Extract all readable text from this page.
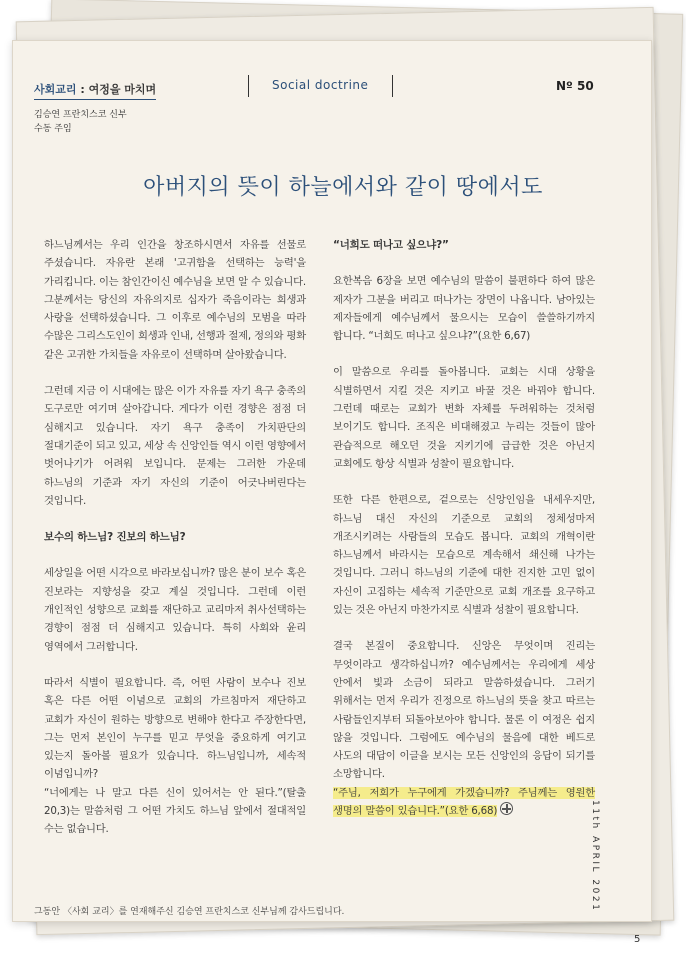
사회교리 : 여정을 마치며	Social doctrine	Nº 50
김승연 프란치스코 신부
수동 주임
아버지의 뜻이 하늘에서와 같이 땅에서도

하느님께서는 우리 인간을 창조하시면서 자유를 선물로 주셨습니다. 자유란 본래 '고귀함을 선택하는 능력'을 가리킵니다. 이는 참인간이신 예수님을 보면 알 수 있습니다. 그분께서는 당신의 자유의지로 십자가 죽음이라는 희생과 사랑을 선택하셨습니다. 그 이후로 예수님의 모범을 따라 수많은 그리스도인이 희생과 인내, 선행과 절제, 정의와 평화 같은 고귀한 가치들을 자유로이 선택하며 살아왔습니다.

그런데 지금 이 시대에는 많은 이가 자유를 자기 욕구 충족의 도구로만 여기며 살아갑니다. 게다가 이런 경향은 점점 더 심해지고 있습니다. 자기 욕구 충족이 가치판단의 절대기준이 되고 있고, 세상 속 신앙인들 역시 이런 영향에서 벗어나기가 어려워 보입니다. 문제는 그러한 가운데 하느님의 기준과 자기 자신의 기준이 어긋나버린다는 것입니다.

보수의 하느님? 진보의 하느님?

세상일을 어떤 시각으로 바라보십니까? 많은 분이 보수 혹은 진보라는 지향성을 갖고 계실 것입니다. 그런데 이런 개인적인 성향으로 교회를 재단하고 교리마저 취사선택하는 경향이 점점 더 심해지고 있습니다. 특히 사회와 윤리 영역에서 그러합니다.

따라서 식별이 필요합니다. 즉, 어떤 사람이 보수나 진보 혹은 다른 어떤 이념으로 교회의 가르침마저 재단하고 교회가 자신이 원하는 방향으로 변해야 한다고 주장한다면, 그는 먼저 본인이 누구를 믿고 무엇을 중요하게 여기고 있는지 돌아볼 필요가 있습니다. 하느님입니까, 세속적 이념입니까?

“너에게는 나 말고 다른 신이 있어서는 안 된다.”(탈출 20,3)는 말씀처럼 그 어떤 가치도 하느님 앞에서 절대적일 수는 없습니다.

“너희도 떠나고 싶으냐?”

요한복음 6장을 보면 예수님의 말씀이 불편하다 하여 많은 제자가 그분을 버리고 떠나가는 장면이 나옵니다. 남아있는 제자들에게 예수님께서 물으시는 모습이 쓸쓸하기까지 합니다. “너희도 떠나고 싶으냐?”(요한 6,67)

이 말씀으로 우리를 돌아봅니다. 교회는 시대 상황을 식별하면서 지킬 것은 지키고 바꿀 것은 바꿔야 합니다. 그런데 때로는 교회가 변화 자체를 두려워하는 것처럼 보이기도 합니다. 조직은 비대해졌고 누리는 것들이 많아 관습적으로 해오던 것을 지키기에 급급한 것은 아닌지 교회에도 항상 식별과 성찰이 필요합니다.

또한 다른 한편으로, 겉으로는 신앙인임을 내세우지만, 하느님 대신 자신의 기준으로 교회의 정체성마저 개조시키려는 사람들의 모습도 봅니다. 교회의 개혁이란 하느님께서 바라시는 모습으로 계속해서 쇄신해 나가는 것입니다. 그러니 하느님의 기준에 대한 진지한 고민 없이 자신이 고집하는 세속적 기준만으로 교회 개조를 요구하고 있는 것은 아닌지 마찬가지로 식별과 성찰이 필요합니다.

결국 본질이 중요합니다. 신앙은 무엇이며 진리는 무엇이라고 생각하십니까? 예수님께서는 우리에게 세상 안에서 빛과 소금이 되라고 말씀하셨습니다. 그러기 위해서는 먼저 우리가 진정으로 하느님의 뜻을 찾고 따르는 사람들인지부터 되돌아보아야 합니다. 물론 이 여정은 쉽지 않을 것입니다. 그럼에도 예수님의 물음에 대한 베드로 사도의 대답이 이글을 보시는 모든 신앙인의 응답이 되기를 소망합니다.

“주님, 저희가 누구에게 가겠습니까? 주님께는 영원한 생명의 말씀이 있습니다.”(요한 6,68)

그동안 〈사회 교리〉를 연재해주신 김승연 프란치스코 신부님께 감사드립니다.	11th APRIL 2021
5
